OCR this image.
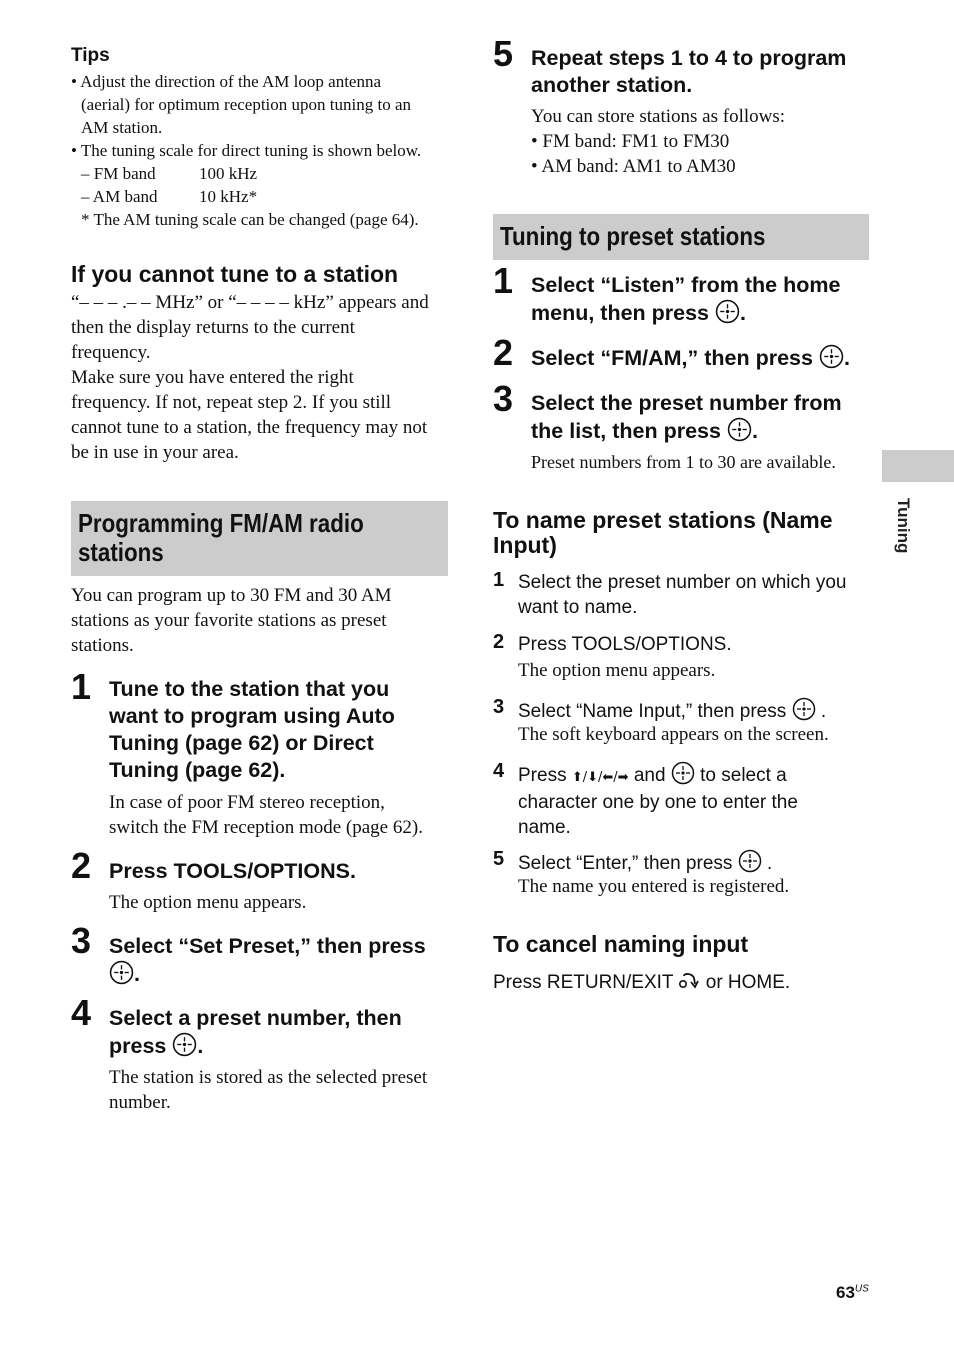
Tips
• Adjust the direction of the AM loop antenna
(aerial) for optimum reception upon tuning to an
AM station.
• The tuning scale for direct tuning is shown below.
– FM band	100 kHz
– AM band 10 kHz*
* The AM tuning scale can be changed (page 64).
If you cannot tune to a station
“– – – .– – MHz” or “– – – – kHz” appears and
then the display returns to the current
frequency.
Make sure you have entered the right
frequency. If not, repeat step 2. If you still
cannot tune to a station, the frequency may not
be in use in your area.
Programming FM/AM radio
stations
You can program up to 30 FM and 30 AM
stations as your favorite stations as preset
stations.
1 Tune to the station that you
want to program using Auto
Tuning (page 62) or Direct
Tuning (page 62).
In case of poor FM stereo reception,
switch the FM reception mode (page 62).
2 Press TOOLS/OPTIONS.
The option menu appears.
3 Select “Set Preset,” then press
.
4 Select a preset number, then
press .
The station is stored as the selected preset
number.
5 Repeat steps 1 to 4 to program
another station.
You can store stations as follows:
• FM band: FM1 to FM30
• AM band: AM1 to AM30
Tuning to preset stations
1 Select “Listen” from the home
menu, then press .
2 Select “FM/AM,” then press .
3 Select the preset number from
the list, then press .
Preset numbers from 1 to 30 are available.
To name preset stations (Name
Input)
1 Select the preset number on which you
want to name.
2 Press TOOLS/OPTIONS.
The option menu appears.
3 Select “Name Input,” then press .
The soft keyboard appears on the screen.
4 Press ⬆/⬇/⬅/➡ and to select a
character one by one to enter the
name.
5 Select “Enter,” then press .
The name you entered is registered.
To cancel naming input
Press RETURN/EXIT or HOME.
Tuning
$63^{US}$
